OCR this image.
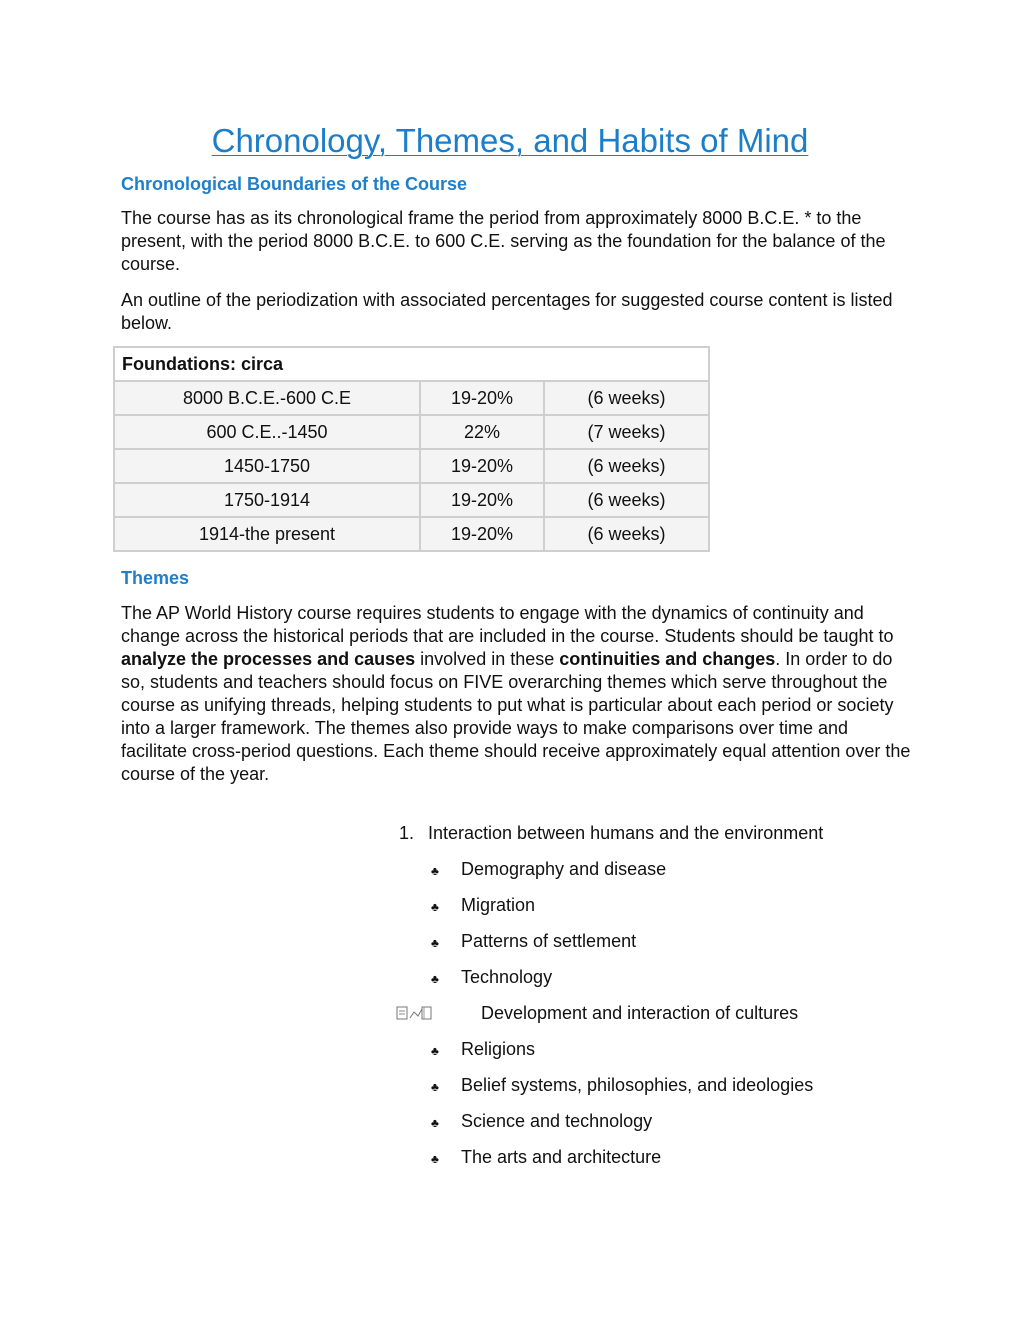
Chronology, Themes, and Habits of Mind
Chronological Boundaries of the Course

The course has as its chronological frame the period from approximately 8000 B.C.E. * to the present, with the period 8000 B.C.E. to 600 C.E. serving as the foundation for the balance of the course.

An outline of the periodization with associated percentages for suggested course content is listed below.

Foundations: circa		
8000 B.C.E.-600 C.E	19-20%	(6 weeks)
600 C.E..-1450	22%	(7 weeks)
1450-1750	19-20%	(6 weeks)
1750-1914	19-20%	(6 weeks)
1914-the present	19-20%	(6 weeks)
Themes

The AP World History course requires students to engage with the dynamics of continuity and change across the historical periods that are included in the course. Students should be taught to analyze the processes and causes involved in these continuities and changes. In order to do so, students and teachers should focus on FIVE overarching themes which serve throughout the course as unifying threads, helping students to put what is particular about each period or society into a larger framework. The themes also provide ways to make comparisons over time and facilitate cross-period questions. Each theme should receive approximately equal attention over the course of the year.

1. Interaction between humans and the environment
♣ Demography and disease
♣ Migration
♣ Patterns of settlement
♣ Technology
Development and interaction of cultures
♣ Religions
♣ Belief systems, philosophies, and ideologies
♣ Science and technology
♣ The arts and architecture
